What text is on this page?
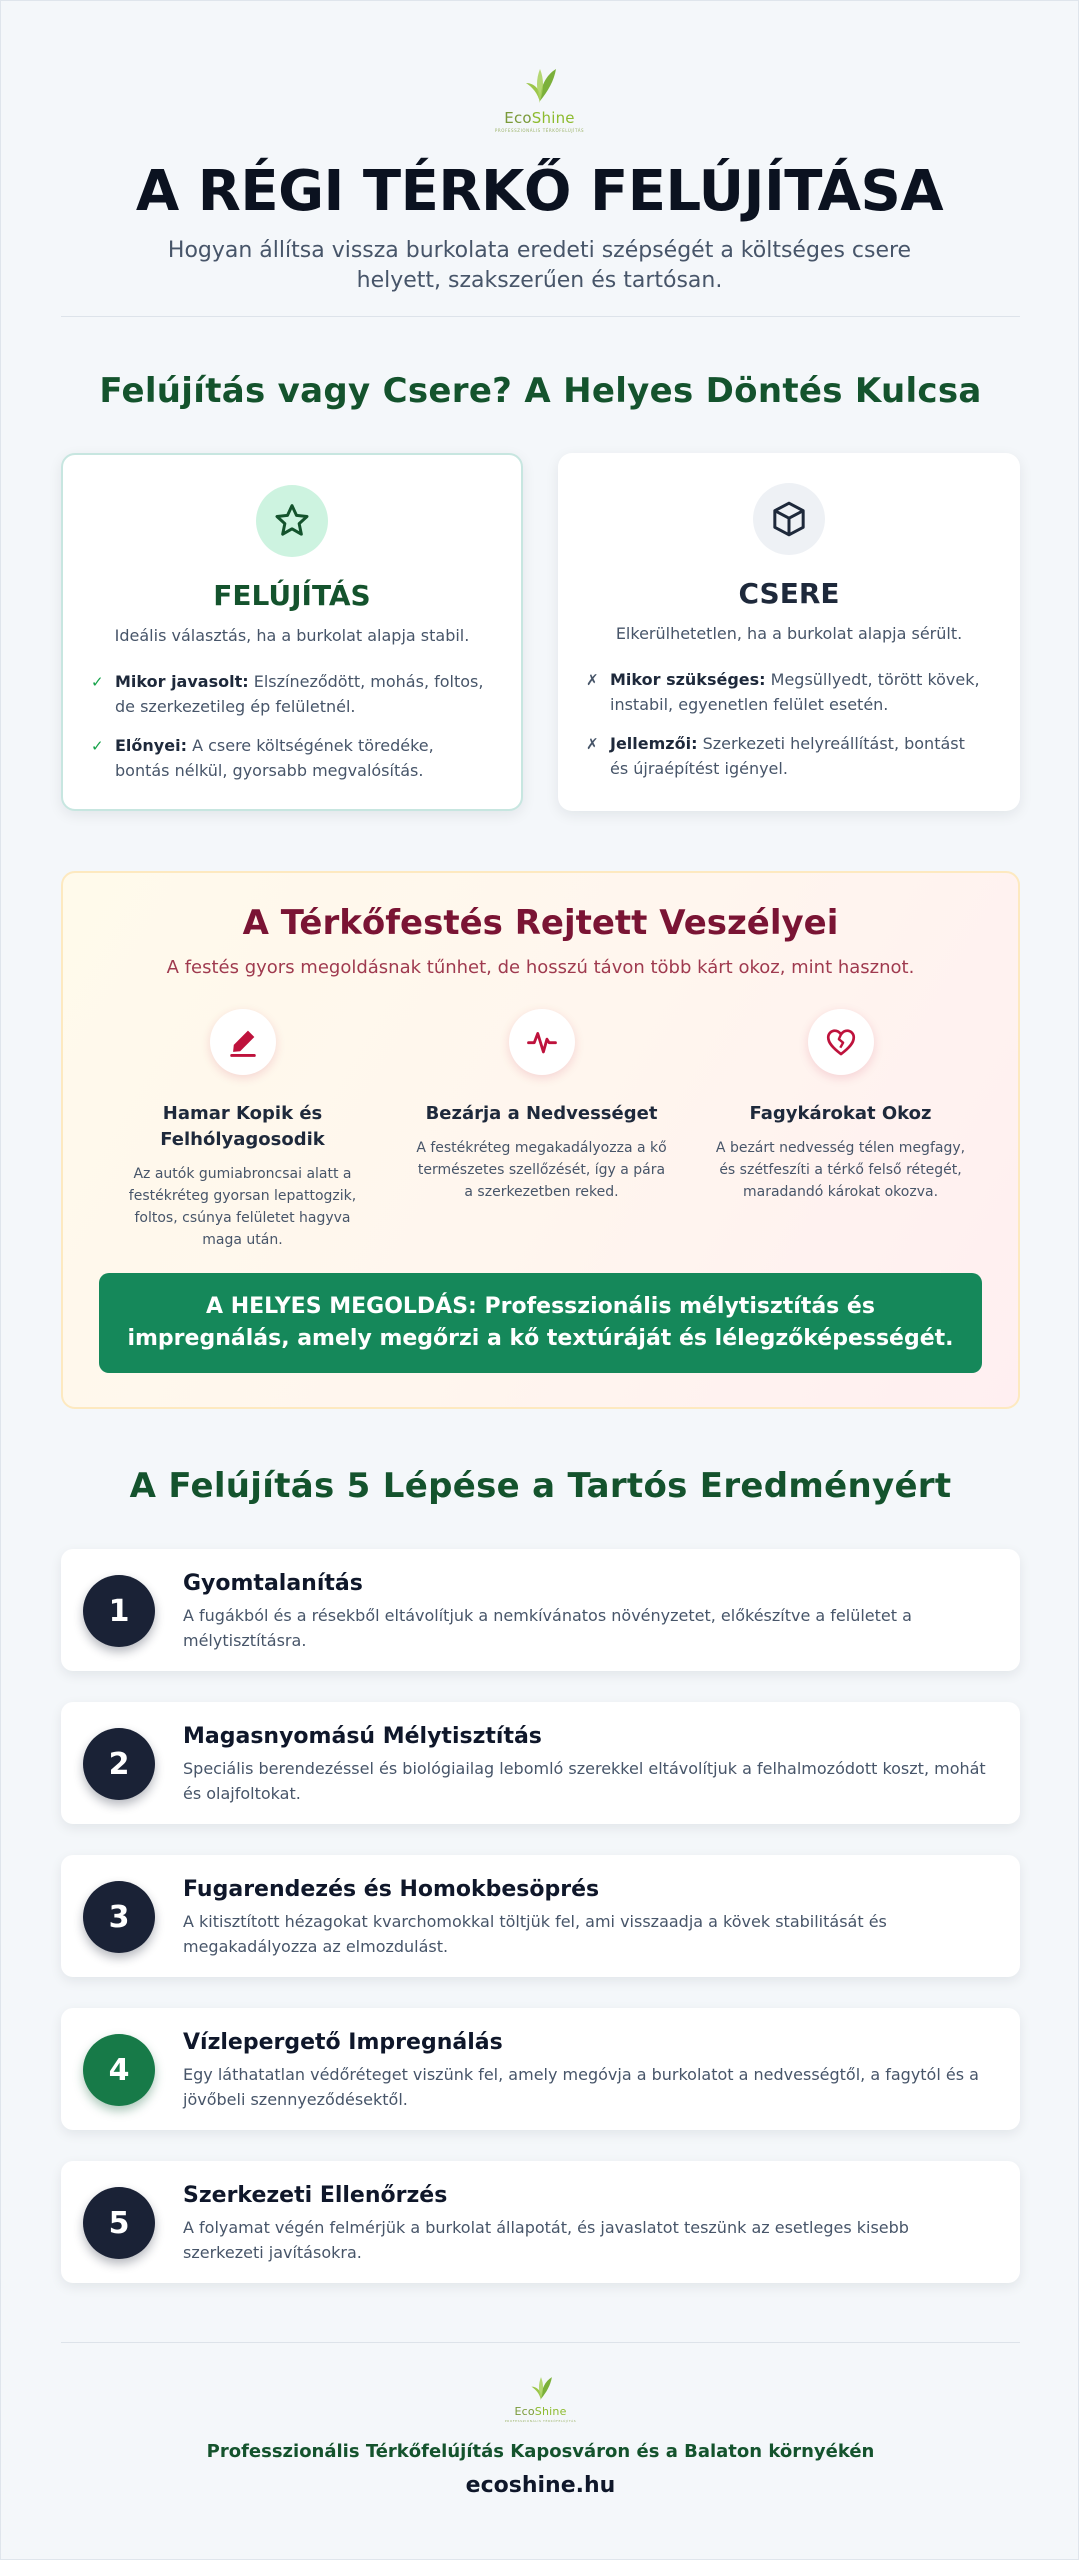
EcoShine
PROFESSZIONÁLIS TÉRKŐFELÚJÍTÁS
A RÉGI TÉRKŐ FELÚJÍTÁSA

Hogyan állítsa vissza burkolata eredeti szépségét a költséges csere helyett, szakszerűen és tartósan.

Felújítás vagy Csere? A Helyes Döntés Kulcsa
FELÚJÍTÁS
Ideális választás, ha a burkolat alapja stabil.
✓ Mikor javasolt: Elszíneződött, mohás, foltos, de szerkezetileg ép felületnél.
✓ Előnyei: A csere költségének töredéke, bontás nélkül, gyorsabb megvalósítás.
CSERE
Elkerülhetetlen, ha a burkolat alapja sérült.
✗ Mikor szükséges: Megsüllyedt, törött kövek, instabil, egyenetlen felület esetén.
✗ Jellemzői: Szerkezeti helyreállítást, bontást és újraépítést igényel.
A Térkőfestés Rejtett Veszélyei
A festés gyors megoldásnak tűnhet, de hosszú távon több kárt okoz, mint hasznot.
Hamar Kopik és Felhólyagosodik
Az autók gumiabroncsai alatt a festékréteg gyorsan lepattogzik, foltos, csúnya felületet hagyva maga után.
Bezárja a Nedvességet
A festékréteg megakadályozza a kő természetes szellőzését, így a pára a szerkezetben reked.
Fagykárokat Okoz
A bezárt nedvesség télen megfagy, és szétfeszíti a térkő felső rétegét, maradandó károkat okozva.
A HELYES MEGOLDÁS: Professzionális mélytisztítás és impregnálás, amely megőrzi a kő textúráját és lélegzőképességét.
A Felújítás 5 Lépése a Tartós Eredményért
1
Gyomtalanítás
A fugákból és a résekből eltávolítjuk a nemkívánatos növényzetet, előkészítve a felületet a mélytisztításra.
2
Magasnyomású Mélytisztítás
Speciális berendezéssel és biológiailag lebomló szerekkel eltávolítjuk a felhalmozódott koszt, mohát és olajfoltokat.
3
Fugarendezés és Homokbesöprés
A kitisztított hézagokat kvarchomokkal töltjük fel, ami visszaadja a kövek stabilitását és megakadályozza az elmozdulást.
4
Vízlepergető Impregnálás
Egy láthatatlan védőréteget viszünk fel, amely megóvja a burkolatot a nedvességtől, a fagytól és a jövőbeli szennyeződésektől.
5
Szerkezeti Ellenőrzés
A folyamat végén felmérjük a burkolat állapotát, és javaslatot teszünk az esetleges kisebb szerkezeti javításokra.
EcoShine
PROFESSZIONÁLIS TÉRKŐFELÚJÍTÁS
Professzionális Térkőfelújítás Kaposváron és a Balaton környékén
ecoshine.hu
